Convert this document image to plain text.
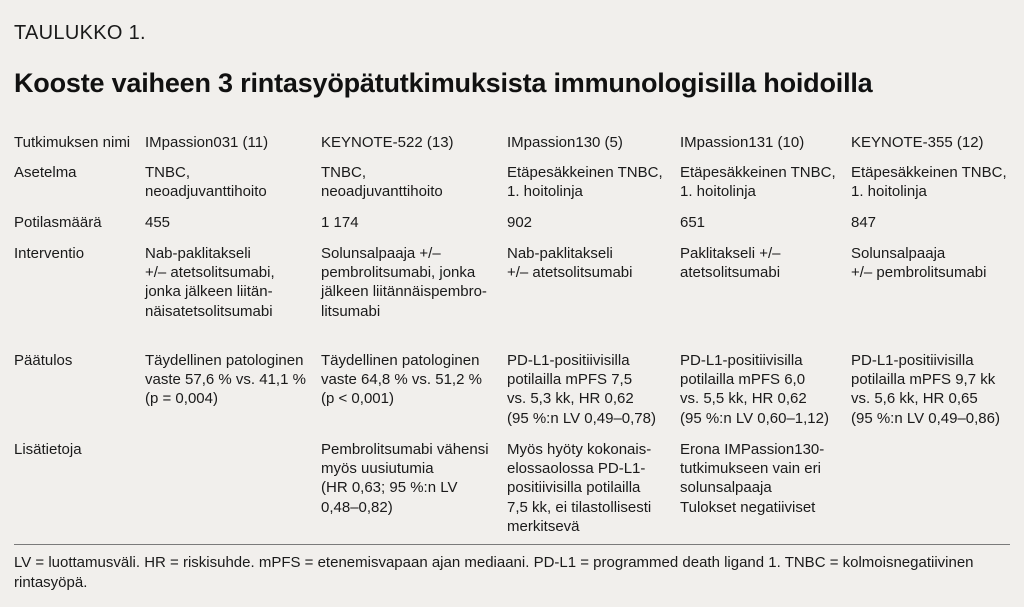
TAULUKKO 1.
Kooste vaiheen 3 rintasyöpätutkimuksista immunologisilla hoidoilla
Tutkimuksen nimi
Asetelma
Potilasmäärä
Interventio
Päätulos
Lisätietoja
IMpassion031 (11)
TNBC,
neoadjuvanttihoito
455
Nab-paklitakseli
+/– atetsolitsumabi,
jonka jälkeen liitän-
näisatetsolitsumabi
Täydellinen patologinen
vaste 57,6 % vs. 41,1 %
(p = 0,004)
KEYNOTE-522 (13)
TNBC,
neoadjuvanttihoito
1 174
Solunsalpaaja +/–
pembrolitsumabi, jonka
jälkeen liitännäispembro-
litsumabi
Täydellinen patologinen
vaste 64,8 % vs. 51,2 %
(p < 0,001)
Pembrolitsumabi vähensi
myös uusiutumia
(HR 0,63; 95 %:n LV
0,48–0,82)
IMpassion130 (5)
Etäpesäkkeinen TNBC,
1. hoitolinja
902
Nab-paklitakseli
+/– atetsolitsumabi
PD-L1-positiivisilla
potilailla mPFS 7,5
vs. 5,3 kk, HR 0,62
(95 %:n LV 0,49–0,78)
Myös hyöty kokonais-
elossaolossa PD-L1-
positiivisilla potilailla
7,5 kk, ei tilastollisesti
merkitsevä
IMpassion131 (10)
Etäpesäkkeinen TNBC,
1. hoitolinja
651
Paklitakseli +/–
atetsolitsumabi
PD-L1-positiivisilla
potilailla mPFS 6,0
vs. 5,5 kk, HR 0,62
(95 %:n LV 0,60–1,12)
Erona IMPassion130-
tutkimukseen vain eri
solunsalpaaja
Tulokset negatiiviset
KEYNOTE-355 (12)
Etäpesäkkeinen TNBC,
1. hoitolinja
847
Solunsalpaaja
+/– pembrolitsumabi
PD-L1-positiivisilla
potilailla mPFS 9,7 kk
vs. 5,6 kk, HR 0,65
(95 %:n LV 0,49–0,86)
LV = luottamusväli. HR = riskisuhde. mPFS = etenemisvapaan ajan mediaani. PD-L1 = programmed death ligand 1. TNBC = kolmoisnegatiivinen rintasyöpä.
